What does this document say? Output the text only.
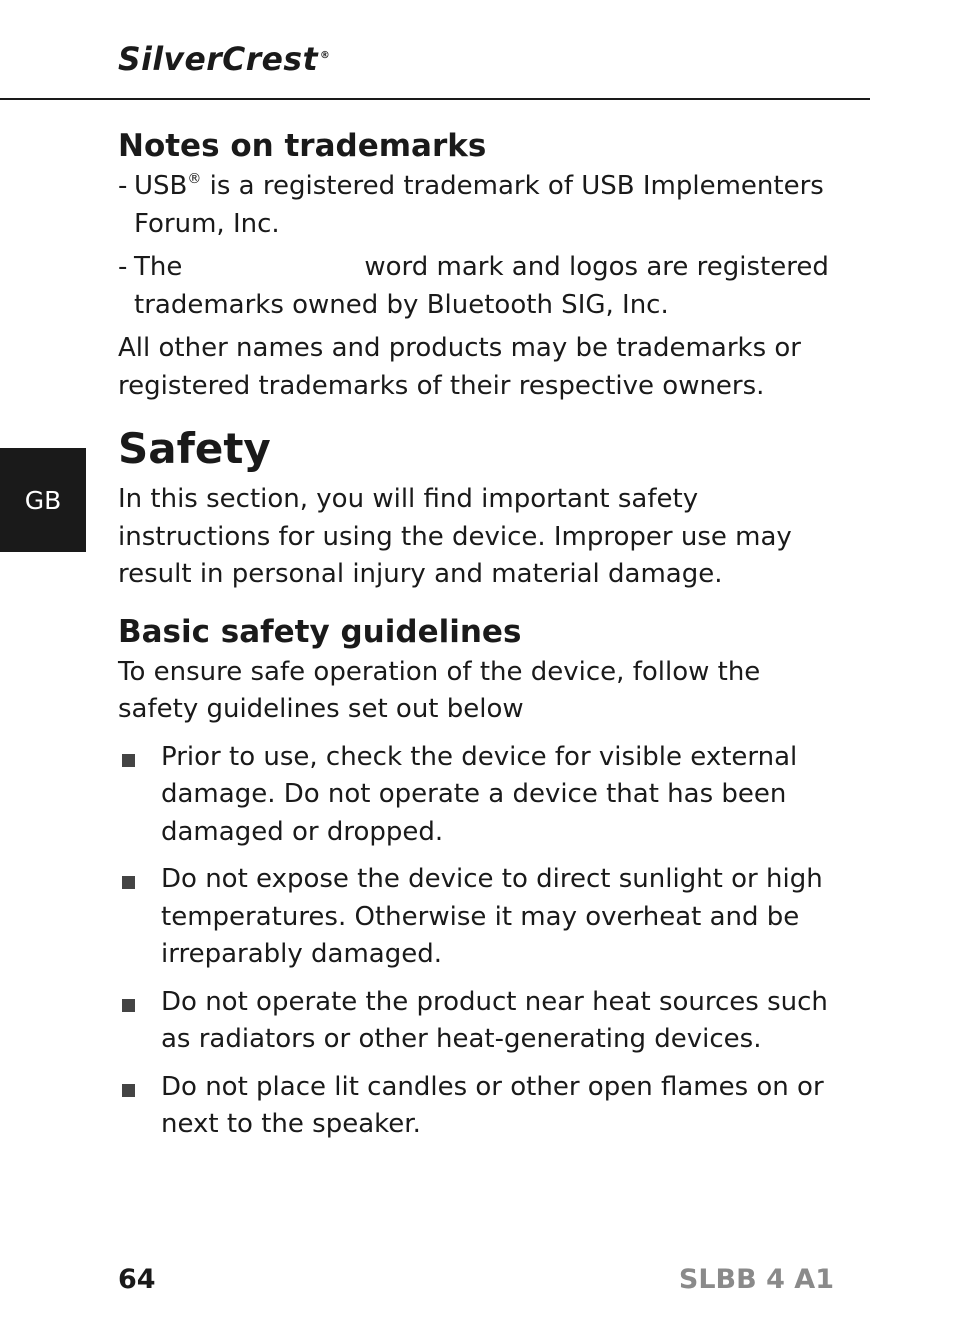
SilverCrest ®
GB
Notes on trademarks

- USB® is a registered trademark of USB Implementers Forum, Inc.

- The	word mark and logos are registered trademarks owned by Bluetooth SIG, Inc.

All other names and products may be trademarks or registered trademarks of their respective owners.

Safety

In this section, you will find important safety instructions for using the device. Improper use may result in personal injury and material damage.

Basic safety guidelines

To ensure safe operation of the device, follow the safety guidelines set out below

Prior to use, check the device for visible external damage. Do not operate a device that has been damaged or dropped.

Do not expose the device to direct sunlight or high temperatures. Otherwise it may overheat and be irreparably damaged.

Do not operate the product near heat sources such as radiators or other heat-generating devices.

Do not place lit candles or other open flames on or next to the speaker.

64	SLBB 4 A1
